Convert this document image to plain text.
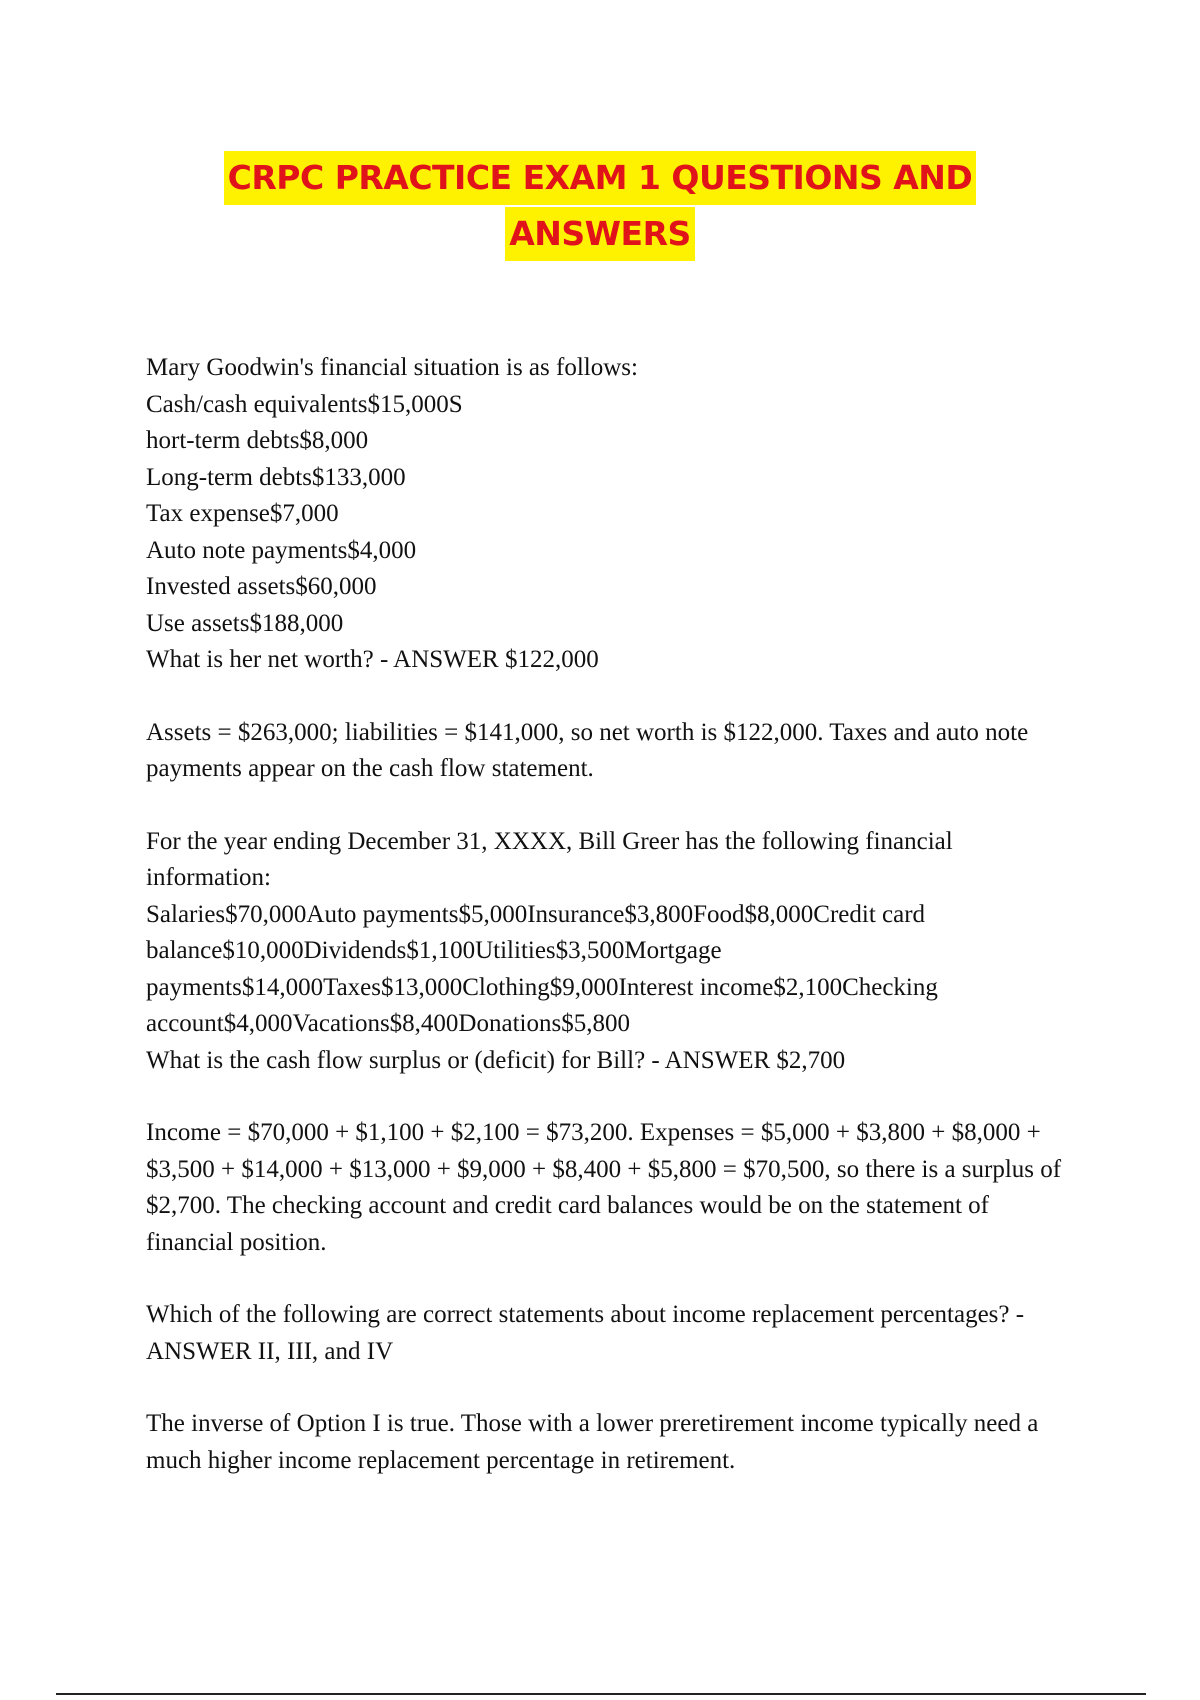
CRPC PRACTICE EXAM 1 QUESTIONS AND
ANSWERS

Mary Goodwin's financial situation is as follows:
Cash/cash equivalents$15,000S
hort-term debts$8,000
Long-term debts$133,000
Tax expense$7,000
Auto note payments$4,000
Invested assets$60,000
Use assets$188,000
What is her net worth? - ANSWER $122,000

Assets = $263,000; liabilities = $141,000, so net worth is $122,000. Taxes and auto note payments appear on the cash flow statement.

For the year ending December 31, XXXX, Bill Greer has the following financial information:
Salaries$70,000Auto payments$5,000Insurance$3,800Food$8,000Credit card balance$10,000Dividends$1,100Utilities$3,500Mortgage payments$14,000Taxes$13,000Clothing$9,000Interest income$2,100Checking account$4,000Vacations$8,400Donations$5,800
What is the cash flow surplus or (deficit) for Bill? - ANSWER $2,700

Income = $70,000 + $1,100 + $2,100 = $73,200. Expenses = $5,000 + $3,800 + $8,000 + $3,500 + $14,000 + $13,000 + $9,000 + $8,400 + $5,800 = $70,500, so there is a surplus of $2,700. The checking account and credit card balances would be on the statement of financial position.

Which of the following are correct statements about income replacement percentages? - ANSWER II, III, and IV

The inverse of Option I is true. Those with a lower preretirement income typically need a much higher income replacement percentage in retirement.
